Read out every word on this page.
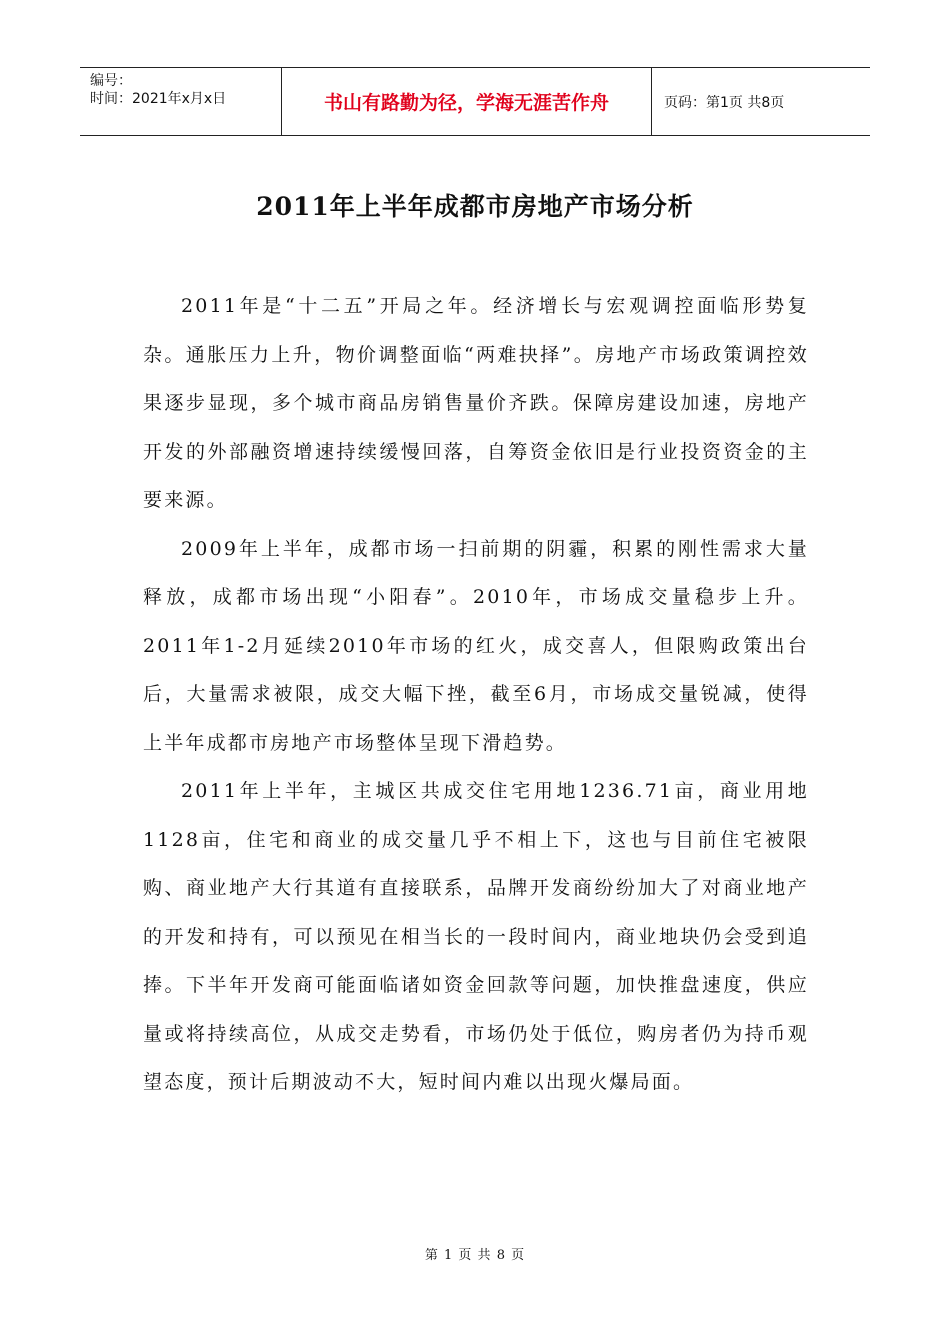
编号：
时间：2021年x月x日	书山有路勤为径，学海无涯苦作舟	页码：第1页 共8页
2011年上半年成都市房地产市场分析

2011年是“十二五”开局之年。经济增长与宏观调控面临形势复杂。通胀压力上升，物价调整面临“两难抉择”。房地产市场政策调控效果逐步显现，多个城市商品房销售量价齐跌。保障房建设加速，房地产开发的外部融资增速持续缓慢回落，自筹资金依旧是行业投资资金的主要来源。

2009年上半年，成都市场一扫前期的阴霾，积累的刚性需求大量释放，成都市场出现“小阳春”。2010年，市场成交量稳步上升。2011年1-2月延续2010年市场的红火，成交喜人，但限购政策出台后，大量需求被限，成交大幅下挫，截至6月，市场成交量锐减，使得上半年成都市房地产市场整体呈现下滑趋势。

2011年上半年，主城区共成交住宅用地1236.71亩，商业用地1128亩，住宅和商业的成交量几乎不相上下，这也与目前住宅被限购、商业地产大行其道有直接联系，品牌开发商纷纷加大了对商业地产的开发和持有，可以预见在相当长的一段时间内，商业地块仍会受到追捧。下半年开发商可能面临诸如资金回款等问题，加快推盘速度，供应量或将持续高位，从成交走势看，市场仍处于低位，购房者仍为持币观望态度，预计后期波动不大，短时间内难以出现火爆局面。

第 1 页 共 8 页
